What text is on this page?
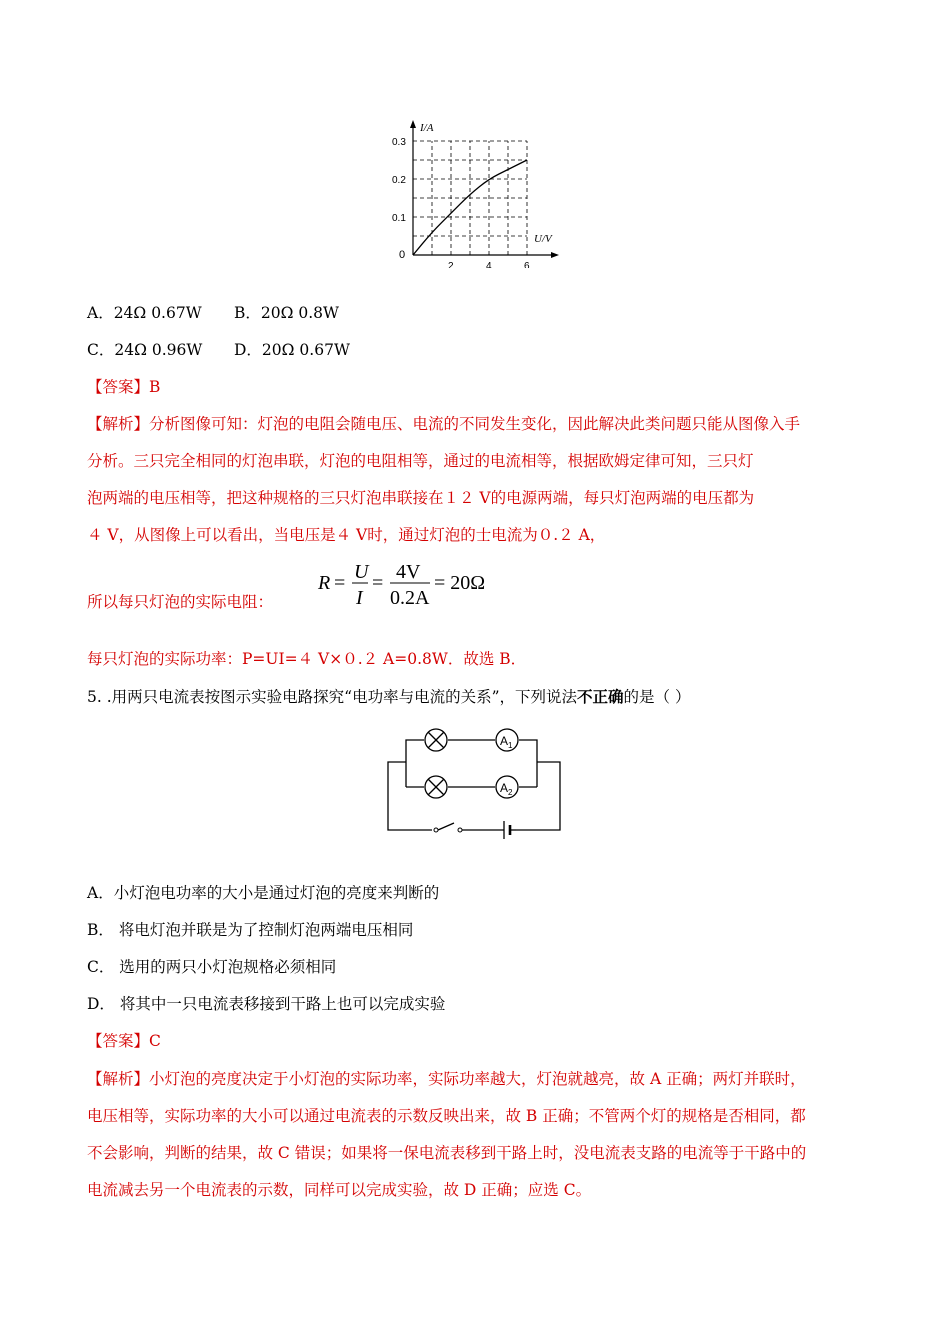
0.1
0.2
0.3
2	4	6
I/A
U/V
0
A．24Ω 0.67W B．20Ω 0.8W
C．24Ω 0.96W D．20Ω 0.67W
【答案】B
【解析】分析图像可知：灯泡的电阻会随电压、电流的不同发生变化，因此解决此类问题只能从图像入手
分析。三只完全相同的灯泡串联，灯泡的电阻相等，通过的电流相等，根据欧姆定律可知，三只灯
泡两端的电压相等，把这种规格的三只灯泡串联接在１２ V的电源两端，每只灯泡两端的电压都为
４ V，从图像上可以看出，当电压是４ V时，通过灯泡的士电流为０.２ A，
所以每只灯泡的实际电阻：
R = U
I
= 4V
0.2A
= 20Ω
每只灯泡的实际功率：P=UI=４ V×０.２ A=0.8W．故选 B．
5. .用两只电流表按图示实验电路探究“电功率与电流的关系”，下列说法不正确的是（ ）
A 1
A 2
A．小灯泡电功率的大小是通过灯泡的亮度来判断的
B． 将电灯泡并联是为了控制灯泡两端电压相同
C． 选用的两只小灯泡规格必须相同
D． 将其中一只电流表移接到干路上也可以完成实验
【答案】C
【解析】小灯泡的亮度决定于小灯泡的实际功率，实际功率越大，灯泡就越亮，故 A 正确；两灯并联时，
电压相等，实际功率的大小可以通过电流表的示数反映出来，故 B 正确；不管两个灯的规格是否相同，都
不会影响，判断的结果，故 C 错误；如果将一保电流表移到干路上时，没电流表支路的电流等于干路中的
电流减去另一个电流表的示数，同样可以完成实验，故 D 正确；应选 C。
